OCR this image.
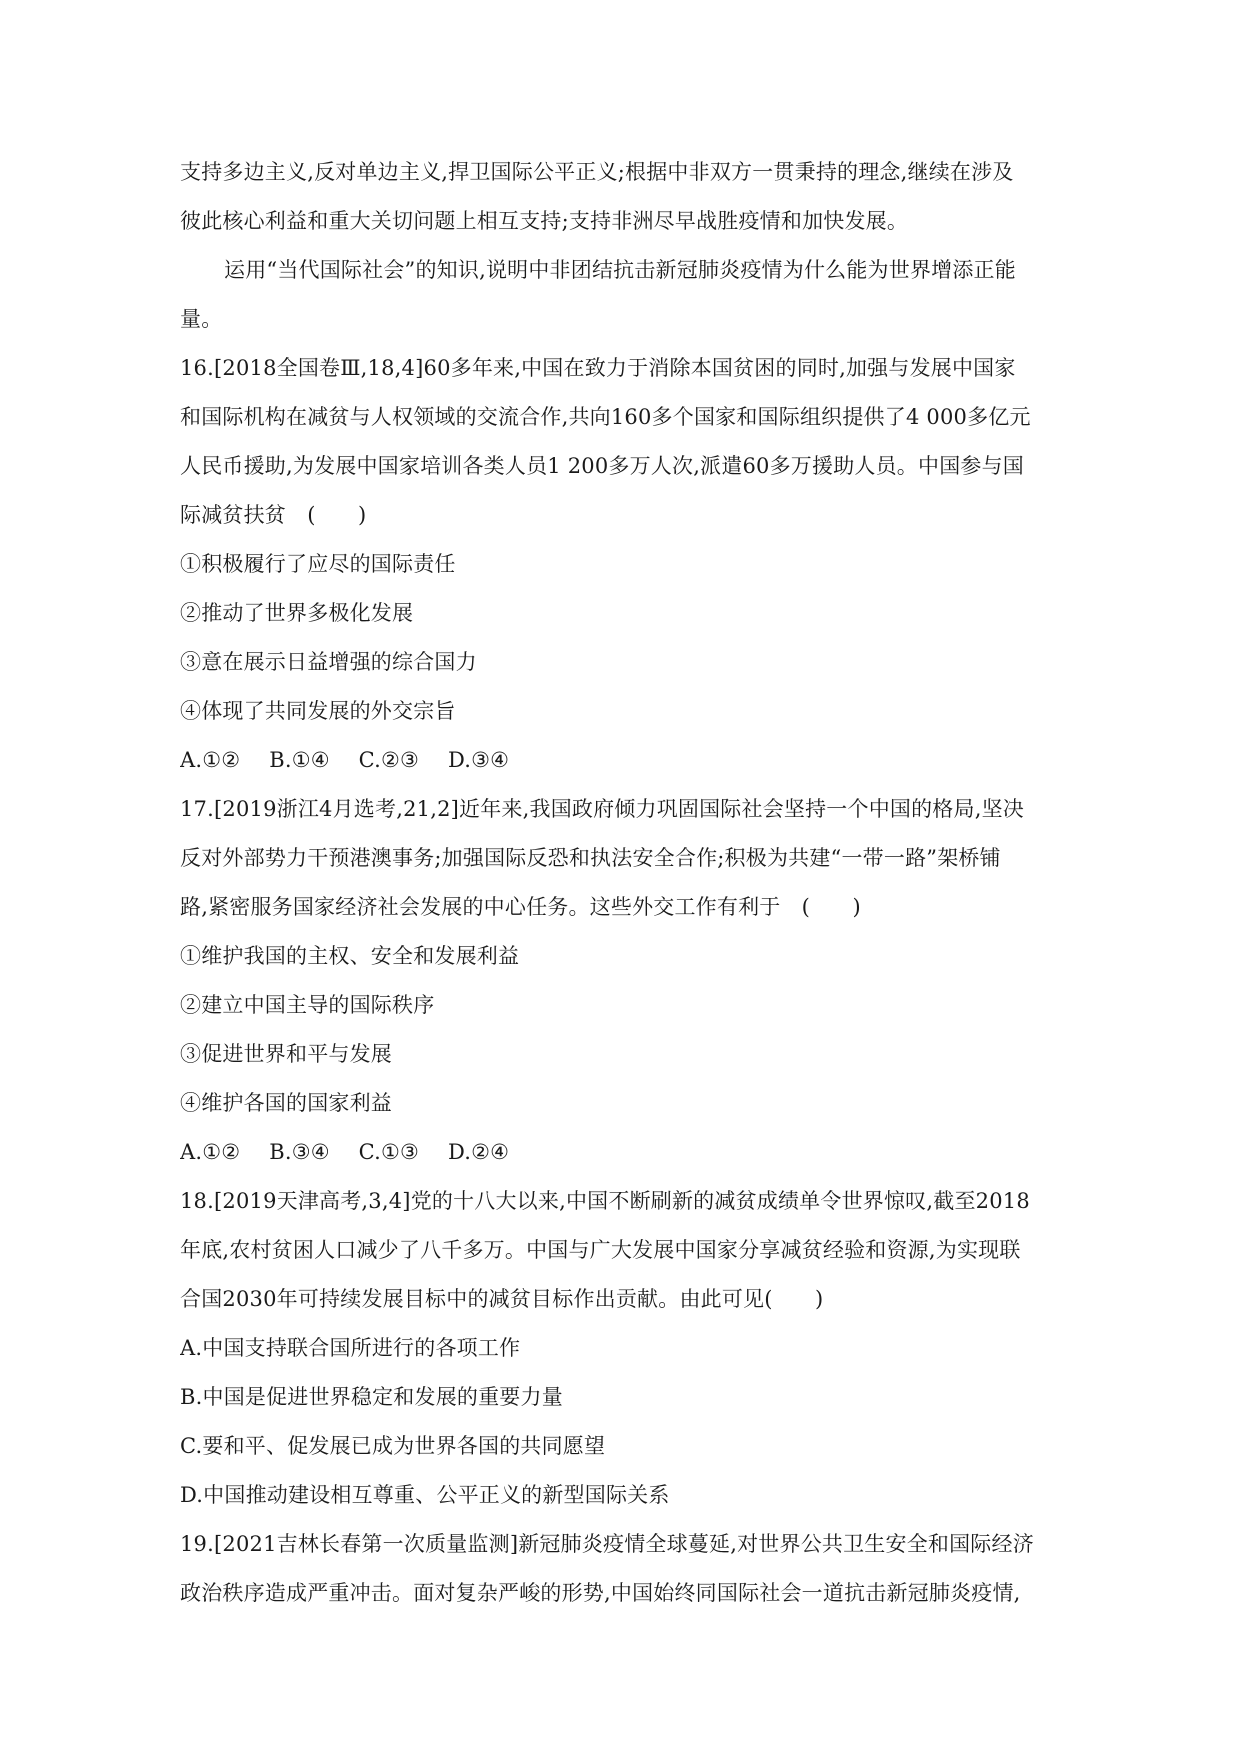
支持多边主义,反对单边主义,捍卫国际公平正义;根据中非双方一贯秉持的理念,继续在涉及
彼此核心利益和重大关切问题上相互支持;支持非洲尽早战胜疫情和加快发展。
运用“当代国际社会”的知识,说明中非团结抗击新冠肺炎疫情为什么能为世界增添正能
量。
16.[2018全国卷Ⅲ,18,4]60多年来,中国在致力于消除本国贫困的同时,加强与发展中国家
和国际机构在减贫与人权领域的交流合作,共向160多个国家和国际组织提供了4 000多亿元
人民币援助,为发展中国家培训各类人员1 200多万人次,派遣60多万援助人员。中国参与国
际减贫扶贫　(　　)
①积极履行了应尽的国际责任
②推动了世界多极化发展
③意在展示日益增强的综合国力
④体现了共同发展的外交宗旨
A.①② B.①④ C.②③ D.③④
17.[2019浙江4月选考,21,2]近年来,我国政府倾力巩固国际社会坚持一个中国的格局,坚决
反对外部势力干预港澳事务;加强国际反恐和执法安全合作;积极为共建“一带一路”架桥铺
路,紧密服务国家经济社会发展的中心任务。这些外交工作有利于　(　　)
①维护我国的主权、安全和发展利益
②建立中国主导的国际秩序
③促进世界和平与发展
④维护各国的国家利益
A.①② B.③④ C.①③ D.②④
18.[2019天津高考,3,4]党的十八大以来,中国不断刷新的减贫成绩单令世界惊叹,截至2018
年底,农村贫困人口减少了八千多万。中国与广大发展中国家分享减贫经验和资源,为实现联
合国2030年可持续发展目标中的减贫目标作出贡献。由此可见(　　)
A.中国支持联合国所进行的各项工作
B.中国是促进世界稳定和发展的重要力量
C.要和平、促发展已成为世界各国的共同愿望
D.中国推动建设相互尊重、公平正义的新型国际关系
19.[2021吉林长春第一次质量监测]新冠肺炎疫情全球蔓延,对世界公共卫生安全和国际经济
政治秩序造成严重冲击。面对复杂严峻的形势,中国始终同国际社会一道抗击新冠肺炎疫情,
